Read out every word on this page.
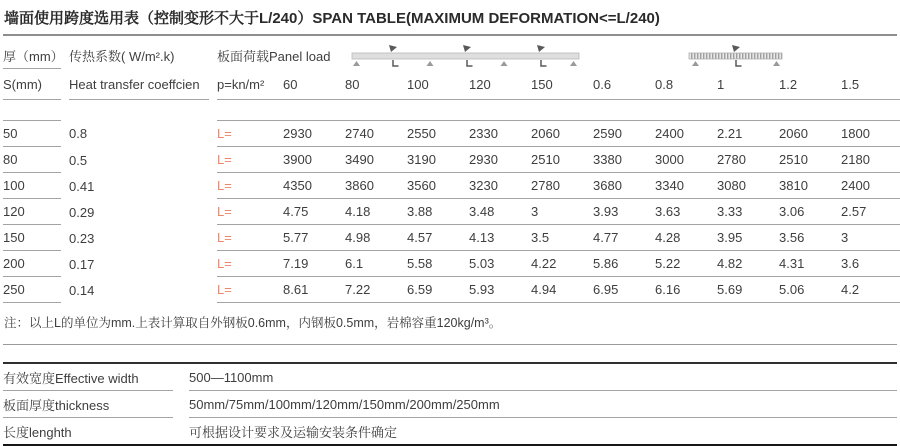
墙面使用跨度选用表（控制变形不大于L/240）SPAN TABLE(MAXIMUM DEFORMATION<=L/240)
厚（mm）		传热系数( W/m².k)		板面荷载Panel load	

S(mm)		Heat transfer coeffcien		p=kn/m²	60	80	100	120	150	0.6	0.8	1	1.2	1.5

50		0.8		L=	2930	2740	2550	2330	2060	2590	2400	2.21	2060	1800
80		0.5		L=	3900	3490	3190	2930	2510	3380	3000	2780	2510	2180
100		0.41		L=	4350	3860	3560	3230	2780	3680	3340	3080	3810	2400
120		0.29		L=	4.75	4.18	3.88	3.48	3	3.93	3.63	3.33	3.06	2.57
150		0.23		L=	5.77	4.98	4.57	4.13	3.5	4.77	4.28	3.95	3.56	3
200		0.17		L=	7.19	6.1	5.58	5.03	4.22	5.86	5.22	4.82	4.31	3.6
250		0.14		L=	8.61	7.22	6.59	5.93	4.94	6.95	6.16	5.69	5.06	4.2
注：以上L的单位为mm.上表计算取自外钢板0.6mm，内钢板0.5mm，岩棉容重120kg/m³。
有效宽度Effective width		500—1100mm
板面厚度thickness		50mm/75mm/100mm/120mm/150mm/200mm/250mm
长度lenghth		可根据设计要求及运输安装条件确定
